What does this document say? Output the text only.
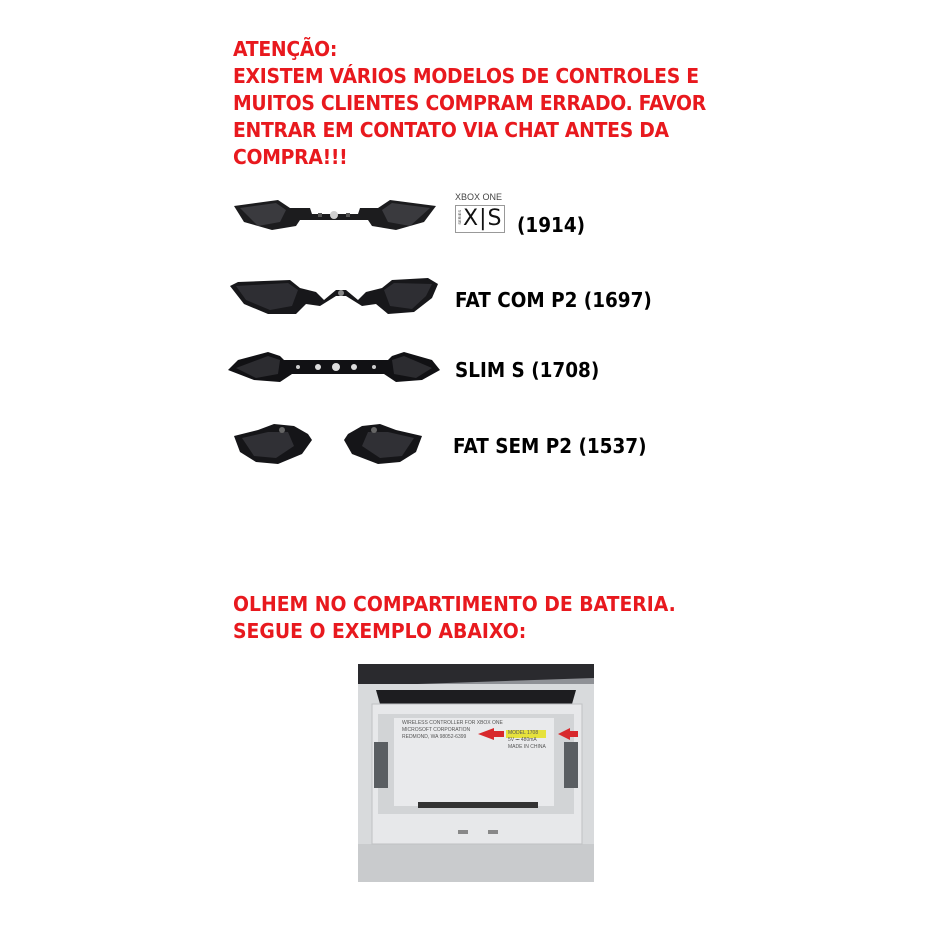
ATENÇÃO:
EXISTEM VÁRIOS MODELOS DE CONTROLES E
MUITOS CLIENTES COMPRAM ERRADO. FAVOR
ENTRAR EM CONTATO VIA CHAT ANTES DA
COMPRA!!!
XBOX ONE
SERIES X|S (1914)
FAT COM P2 (1697)
SLIM S (1708)
FAT SEM P2 (1537)
OLHEM NO COMPARTIMENTO DE BATERIA.
SEGUE O EXEMPLO ABAIXO:
WIRELESS CONTROLLER FOR XBOX ONE
MICROSOFT CORPORATION
REDMOND, WA 98052-6399
MODEL 1708
5V ⎓ 480mA
MADE IN CHINA
